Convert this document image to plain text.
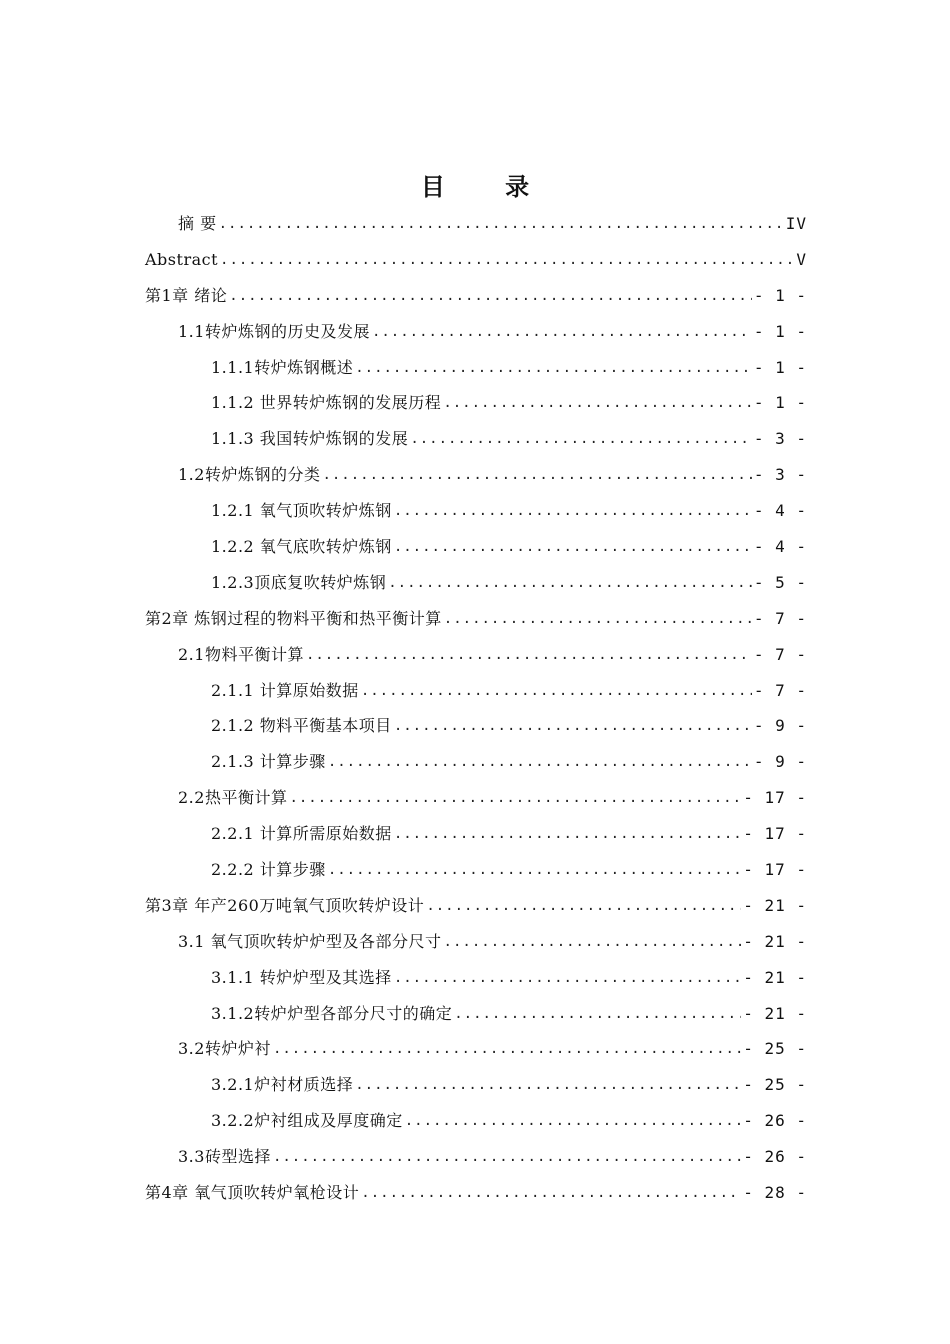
目 录
摘 要 .....	IV
Abstract .....	V
第1章 绪论 .....	- 1 -
1.1转炉炼钢的历史及发展 .....	- 1 -
1.1.1转炉炼钢概述 .....	- 1 -
1.1.2 世界转炉炼钢的发展历程 .....	- 1 -
1.1.3 我国转炉炼钢的发展 .....	- 3 -
1.2转炉炼钢的分类 .....	- 3 -
1.2.1 氧气顶吹转炉炼钢 .....	- 4 -
1.2.2 氧气底吹转炉炼钢 .....	- 4 -
1.2.3顶底复吹转炉炼钢 .....	- 5 -
第2章 炼钢过程的物料平衡和热平衡计算 .....	- 7 -
2.1物料平衡计算 .....	- 7 -
2.1.1 计算原始数据 .....	- 7 -
2.1.2 物料平衡基本项目 .....	- 9 -
2.1.3 计算步骤 .....	- 9 -
2.2热平衡计算 .....	- 17 -
2.2.1 计算所需原始数据 .....	- 17 -
2.2.2 计算步骤 .....	- 17 -
第3章 年产260万吨氧气顶吹转炉设计 .....	- 21 -
3.1 氧气顶吹转炉炉型及各部分尺寸 .....	- 21 -
3.1.1 转炉炉型及其选择 .....	- 21 -
3.1.2转炉炉型各部分尺寸的确定 .....	- 21 -
3.2转炉炉衬 .....	- 25 -
3.2.1炉衬材质选择 .....	- 25 -
3.2.2炉衬组成及厚度确定 .....	- 26 -
3.3砖型选择 .....	- 26 -
第4章 氧气顶吹转炉氧枪设计 .....	- 28 -
